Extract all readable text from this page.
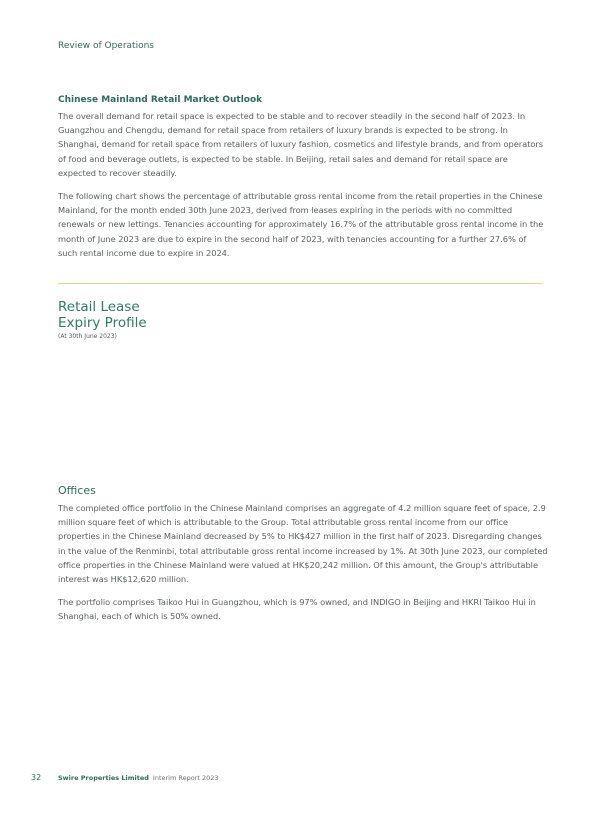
Review of Operations
Chinese Mainland Retail Market Outlook

The overall demand for retail space is expected to be stable and to recover steadily in the second half of 2023. In Guangzhou and Chengdu, demand for retail space from retailers of luxury brands is expected to be strong. In Shanghai, demand for retail space from retailers of luxury fashion, cosmetics and lifestyle brands, and from operators of food and beverage outlets, is expected to be stable. In Beijing, retail sales and demand for retail space are expected to recover steadily.

The following chart shows the percentage of attributable gross rental income from the retail properties in the Chinese Mainland, for the month ended 30th June 2023, derived from leases expiring in the periods with no committed renewals or new lettings. Tenancies accounting for approximately 16.7% of the attributable gross rental income in the month of June 2023 are due to expire in the second half of 2023, with tenancies accounting for a further 27.6% of such rental income due to expire in 2024.

Retail Lease
Expiry Profile
(At 30th June 2023)
Offices

The completed office portfolio in the Chinese Mainland comprises an aggregate of 4.2 million square feet of space, 2.9 million square feet of which is attributable to the Group. Total attributable gross rental income from our office properties in the Chinese Mainland decreased by 5% to HK$427 million in the first half of 2023. Disregarding changes in the value of the Renminbi, total attributable gross rental income increased by 1%. At 30th June 2023, our completed office properties in the Chinese Mainland were valued at HK$20,242 million. Of this amount, the Group's attributable interest was HK$12,620 million.

The portfolio comprises Taikoo Hui in Guangzhou, which is 97% owned, and INDIGO in Beijing and HKRI Taikoo Hui in Shanghai, each of which is 50% owned.

32	Swire Properties Limited Interim Report 2023
